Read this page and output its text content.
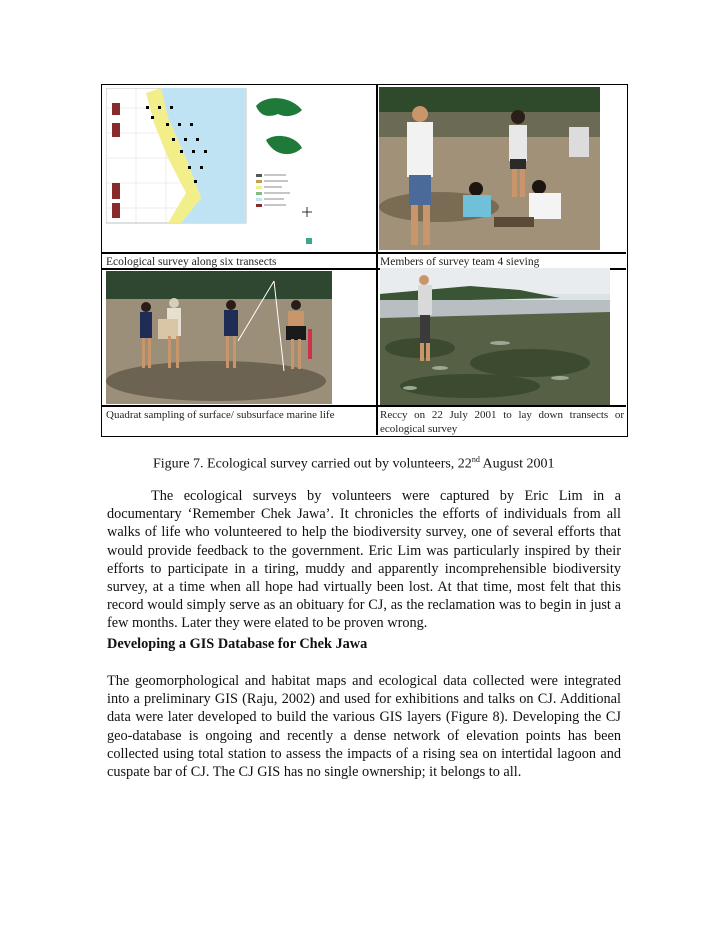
Ecological survey along six transects	Members of survey team 4 sieving
Quadrat sampling of surface/ subsurface marine life	Reccy on 22 July 2001 to lay down transects or ecological survey
Figure 7. Ecological survey carried out by volunteers, 22nd August 2001
The ecological surveys by volunteers were captured by Eric Lim in a documentary ‘Remember Chek Jawa’. It chronicles the efforts of individuals from all walks of life who volunteered to help the biodiversity survey, one of several efforts that would provide feedback to the government. Eric Lim was particularly inspired by their efforts to participate in a tiring, muddy and apparently incomprehensible biodiversity survey, at a time when all hope had virtually been lost. At that time, most felt that this record would simply serve as an obituary for CJ, as the reclamation was to begin in just a few months. Later they were elated to be proven wrong.
Developing a GIS Database for Chek Jawa
The geomorphological and habitat maps and ecological data collected were integrated into a preliminary GIS (Raju, 2002) and used for exhibitions and talks on CJ. Additional data were later developed to build the various GIS layers (Figure 8). Developing the CJ geo-database is ongoing and recently a dense network of elevation points has been collected using total station to assess the impacts of a rising sea on intertidal lagoon and cuspate bar of CJ. The CJ GIS has no single ownership; it belongs to all.
